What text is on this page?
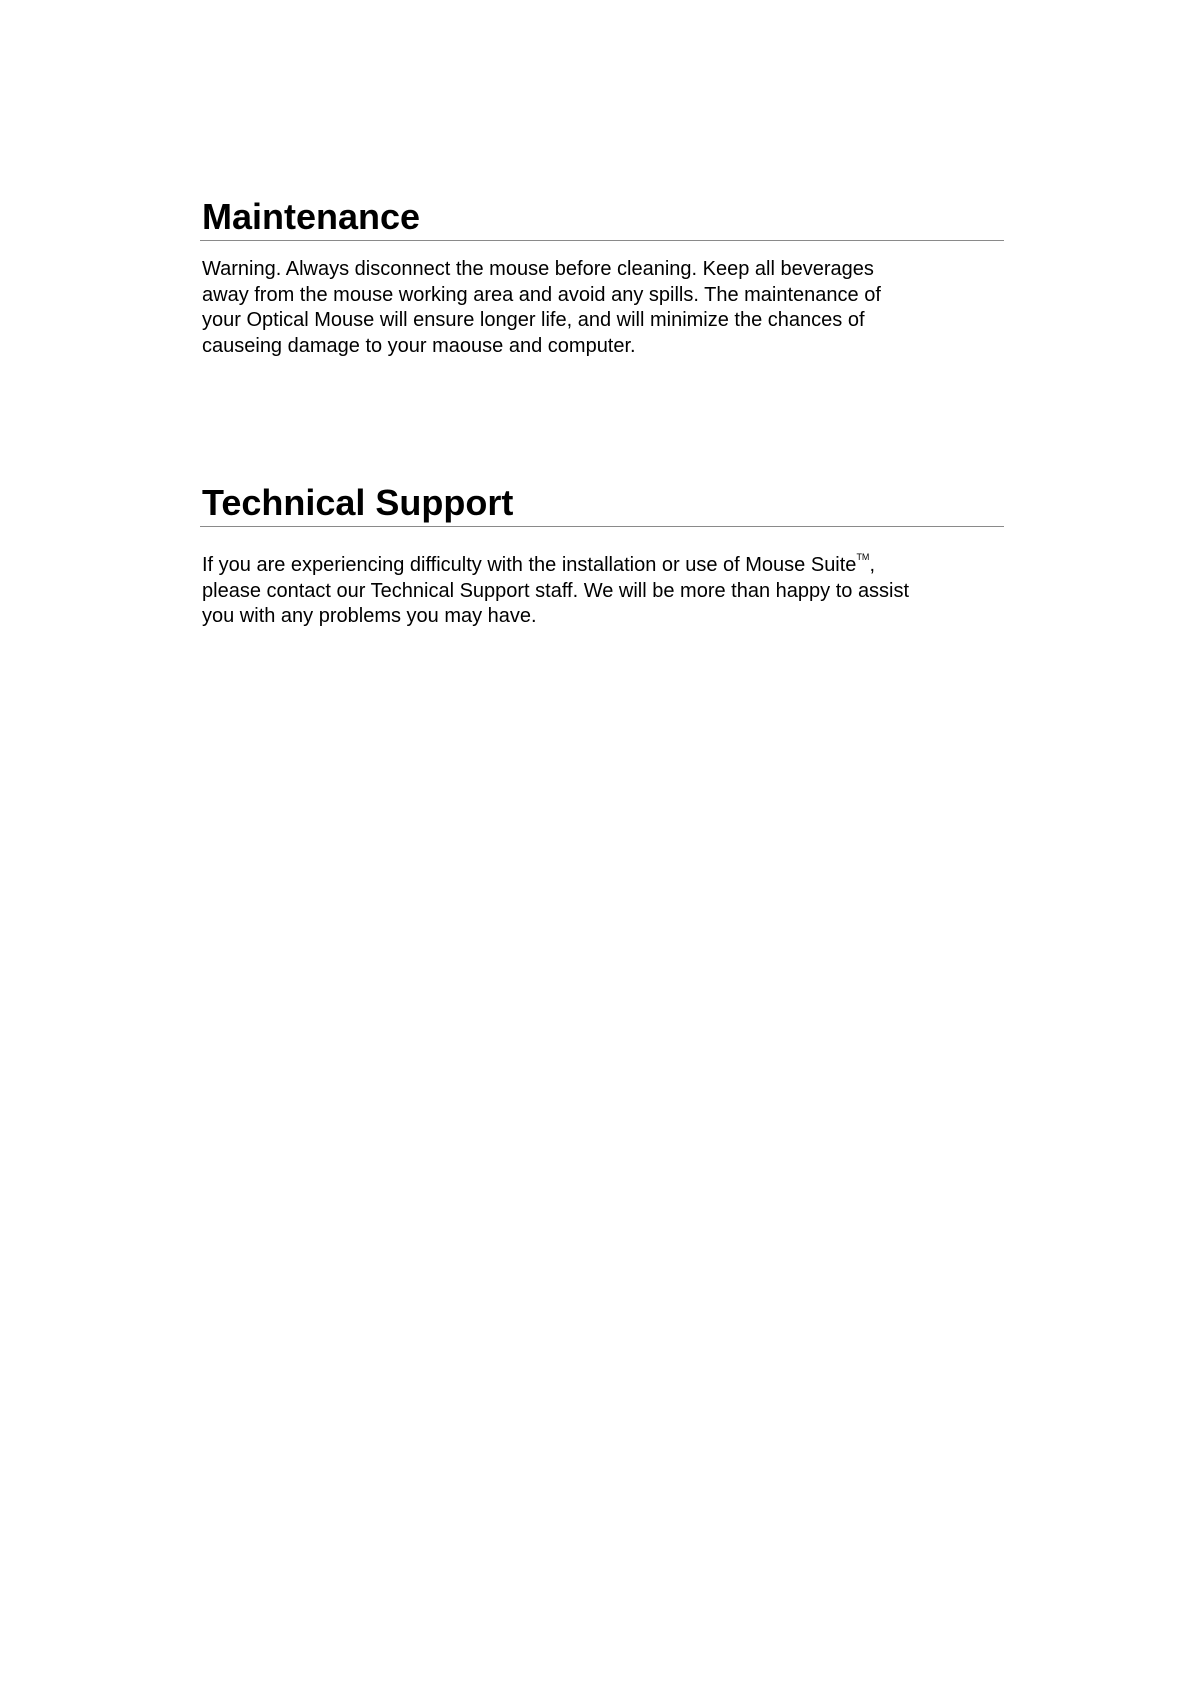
Maintenance

Warning. Always disconnect the mouse before cleaning. Keep all beverages
away from the mouse working area and avoid any spills. The maintenance of
your Optical Mouse will ensure longer life, and will minimize the chances of
causeing damage to your maouse and computer.

Technical Support

If you are experiencing difficulty with the installation or use of Mouse Suite™,
please contact our Technical Support staff. We will be more than happy to assist
you with any problems you may have.
